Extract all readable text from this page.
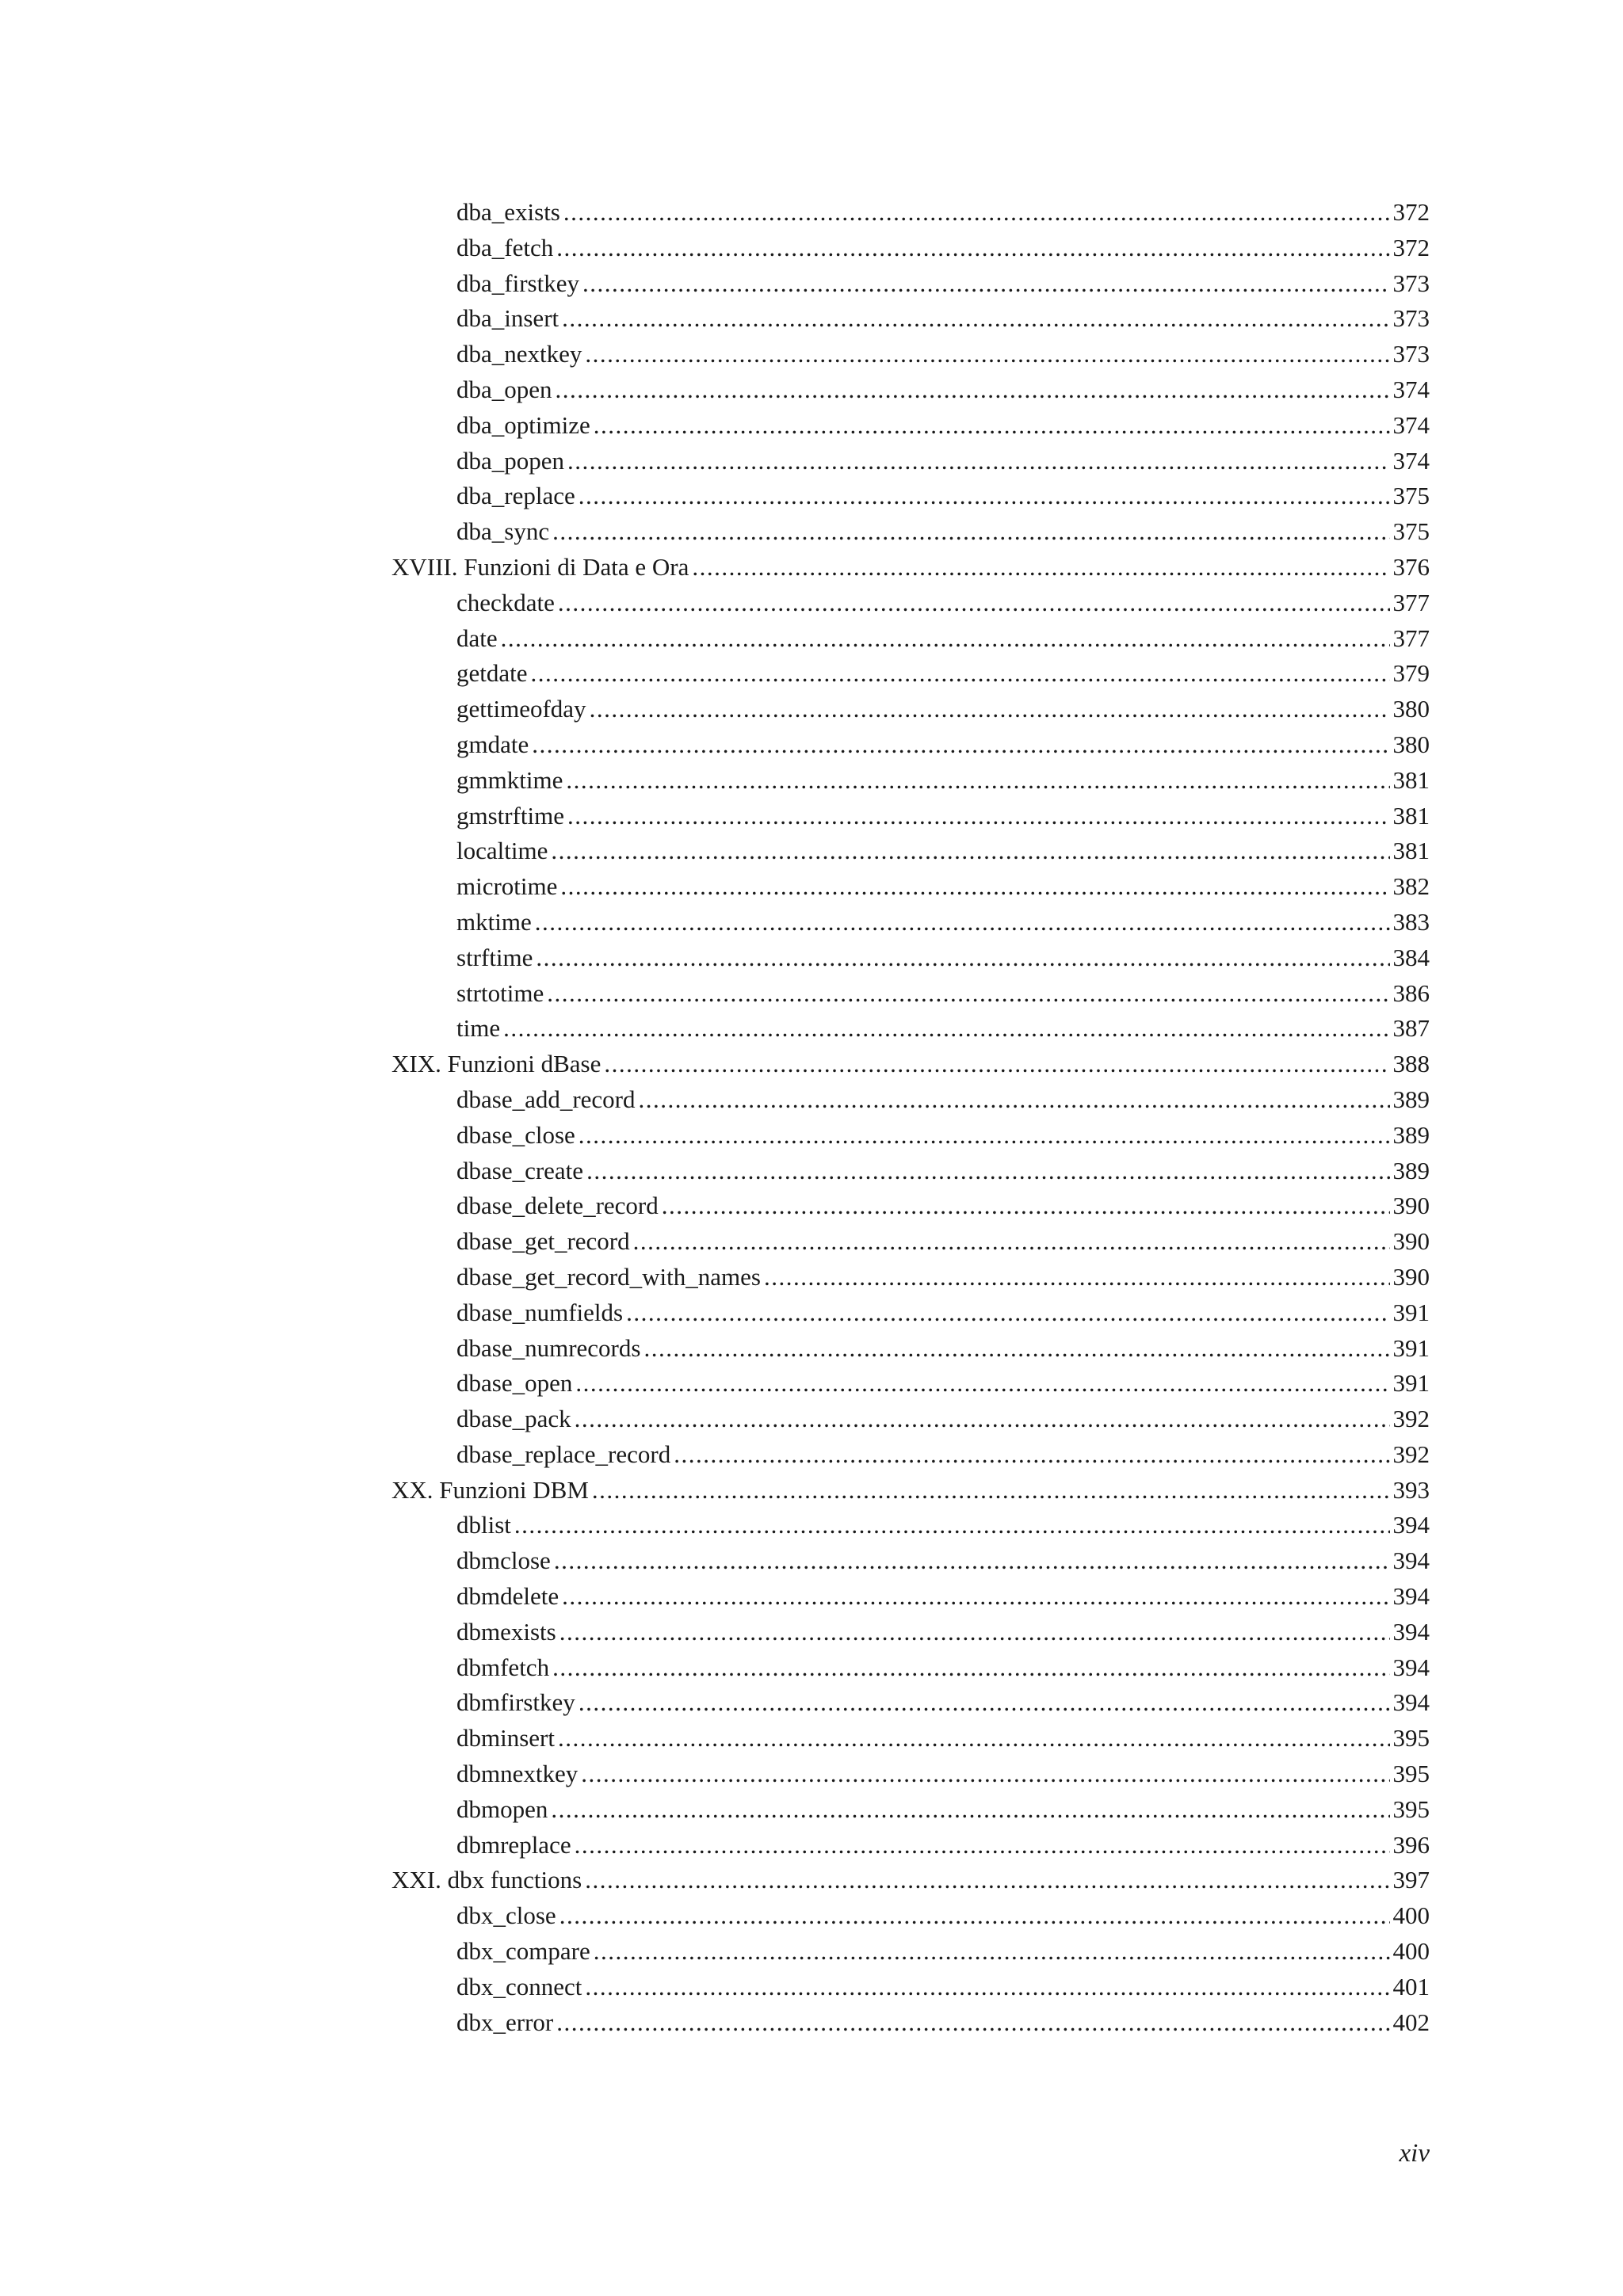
dba_exists .....	372
dba_fetch .....	372
dba_firstkey .....	373
dba_insert .....	373
dba_nextkey .....	373
dba_open .....	374
dba_optimize .....	374
dba_popen .....	374
dba_replace .....	375
dba_sync .....	375
XVIII. Funzioni di Data e Ora .....	376
checkdate .....	377
date .....	377
getdate .....	379
gettimeofday .....	380
gmdate .....	380
gmmktime .....	381
gmstrftime .....	381
localtime .....	381
microtime .....	382
mktime .....	383
strftime .....	384
strtotime .....	386
time .....	387
XIX. Funzioni dBase .....	388
dbase_add_record .....	389
dbase_close .....	389
dbase_create .....	389
dbase_delete_record .....	390
dbase_get_record .....	390
dbase_get_record_with_names .....	390
dbase_numfields .....	391
dbase_numrecords .....	391
dbase_open .....	391
dbase_pack .....	392
dbase_replace_record .....	392
XX. Funzioni DBM .....	393
dblist .....	394
dbmclose .....	394
dbmdelete .....	394
dbmexists .....	394
dbmfetch .....	394
dbmfirstkey .....	394
dbminsert .....	395
dbmnextkey .....	395
dbmopen .....	395
dbmreplace .....	396
XXI. dbx functions .....	397
dbx_close .....	400
dbx_compare .....	400
dbx_connect .....	401
dbx_error .....	402
xiv
